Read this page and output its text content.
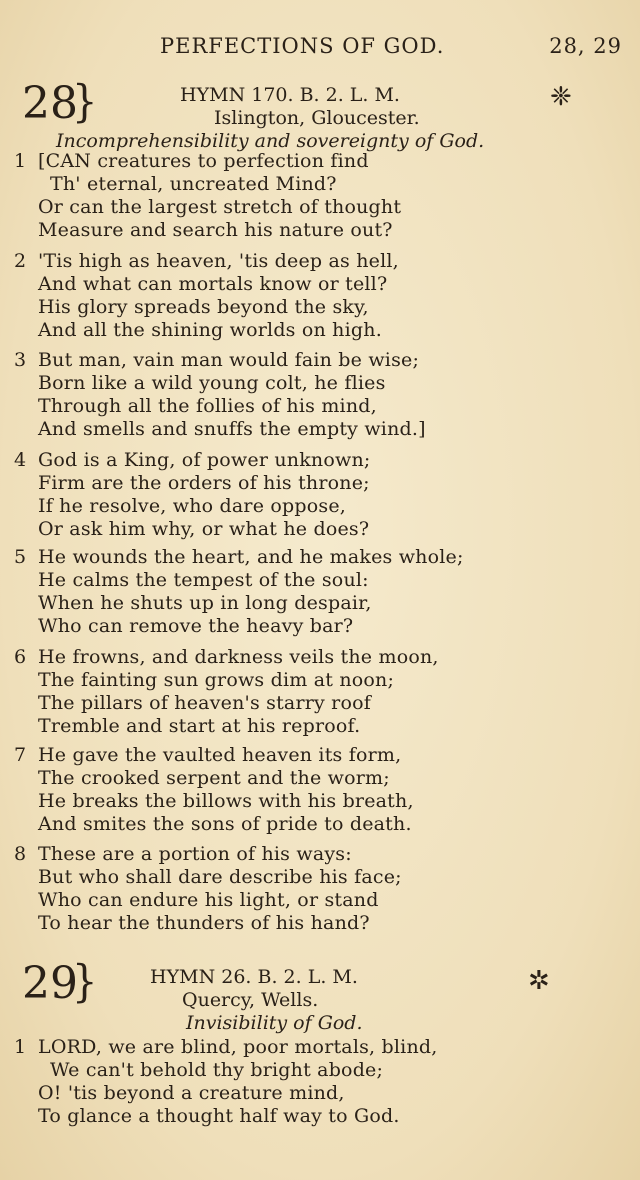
PERFECTIONS OF GOD.	28, 29
28
}	HYMN 170. B. 2. L. M.	❈
Islington, Gloucester.
Incomprehensibility and sovereignty of God.
1 [CAN creatures to perfection find
Th' eternal, uncreated Mind?
Or can the largest stretch of thought
Measure and search his nature out?
2 'Tis high as heaven, 'tis deep as hell,
And what can mortals know or tell?
His glory spreads beyond the sky,
And all the shining worlds on high.
3 But man, vain man would fain be wise;
Born like a wild young colt, he flies
Through all the follies of his mind,
And smells and snuffs the empty wind.]
4 God is a King, of power unknown;
Firm are the orders of his throne;
If he resolve, who dare oppose,
Or ask him why, or what he does?
5 He wounds the heart, and he makes whole;
He calms the tempest of the soul:
When he shuts up in long despair,
Who can remove the heavy bar?
6 He frowns, and darkness veils the moon,
The fainting sun grows dim at noon;
The pillars of heaven's starry roof
Tremble and start at his reproof.
7 He gave the vaulted heaven its form,
The crooked serpent and the worm;
He breaks the billows with his breath,
And smites the sons of pride to death.
8 These are a portion of his ways:
But who shall dare describe his face;
Who can endure his light, or stand
To hear the thunders of his hand?
29
}	HYMN 26. B. 2. L. M.	✲
Quercy, Wells.
Invisibility of God.
1 LORD, we are blind, poor mortals, blind,
We can't behold thy bright abode;
O! 'tis beyond a creature mind,
To glance a thought half way to God.
